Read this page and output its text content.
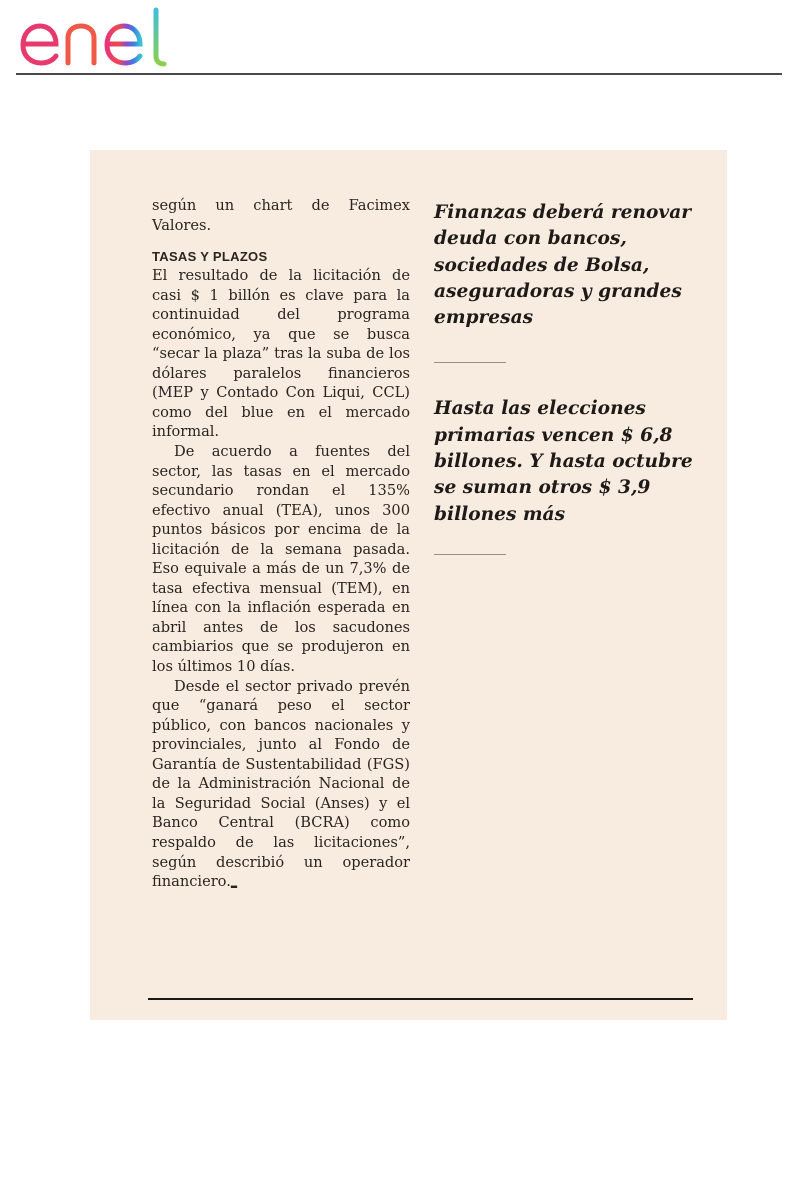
según un chart de Facimex Valores.

TASAS Y PLAZOS

El resultado de la licitación de casi $ 1 billón es clave para la continuidad del programa económico, ya que se busca “secar la plaza” tras la suba de los dólares paralelos financieros (MEP y Contado Con Liqui, CCL) como del blue en el mercado informal.

De acuerdo a fuentes del sector, las tasas en el mercado secundario rondan el 135% efectivo anual (TEA), unos 300 puntos básicos por encima de la licitación de la semana pasada. Eso equivale a más de un 7,3% de tasa efectiva mensual (TEM), en línea con la inflación esperada en abril antes de los sacudones cambiarios que se produjeron en los últimos 10 días.

Desde el sector privado prevén que “ganará peso el sector público, con bancos nacionales y provinciales, junto al Fondo de Garantía de Sustentabilidad (FGS) de la Administración Nacional de la Seguridad Social (Anses) y el Banco Central (BCRA) como respaldo de las licitaciones”, según describió un operador financiero.▂

Finanzas deberá renovar deuda con bancos, sociedades de Bolsa, aseguradoras y grandes empresas

Hasta las elecciones primarias vencen $ 6,8 billones. Y hasta octubre se suman otros $ 3,9 billones más
